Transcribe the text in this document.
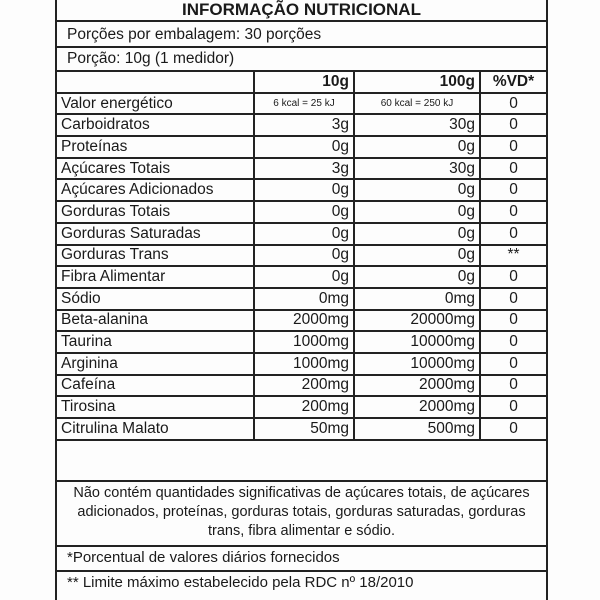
INFORMAÇÃO NUTRICIONAL
Porções por embalagem: 30 porções
Porção: 10g (1 medidor)
	10g	100g	%VD*
Valor energético	6 kcal = 25 kJ	60 kcal = 250 kJ	0
Carboidratos	3g	30g	0
Proteínas	0g	0g	0
Açúcares Totais	3g	30g	0
Açúcares Adicionados	0g	0g	0
Gorduras Totais	0g	0g	0
Gorduras Saturadas	0g	0g	0
Gorduras Trans	0g	0g	**
Fibra Alimentar	0g	0g	0
Sódio	0mg	0mg	0
Beta-alanina	2000mg	20000mg	0
Taurina	1000mg	10000mg	0
Arginina	1000mg	10000mg	0
Cafeína	200mg	2000mg	0
Tirosina	200mg	2000mg	0
Citrulina Malato	50mg	500mg	0
Não contém quantidades significativas de açúcares totais, de açúcares adicionados, proteínas, gorduras totais, gorduras saturadas, gorduras trans, fibra alimentar e sódio.
*Porcentual de valores diários fornecidos
** Limite máximo estabelecido pela RDC nº 18/2010
